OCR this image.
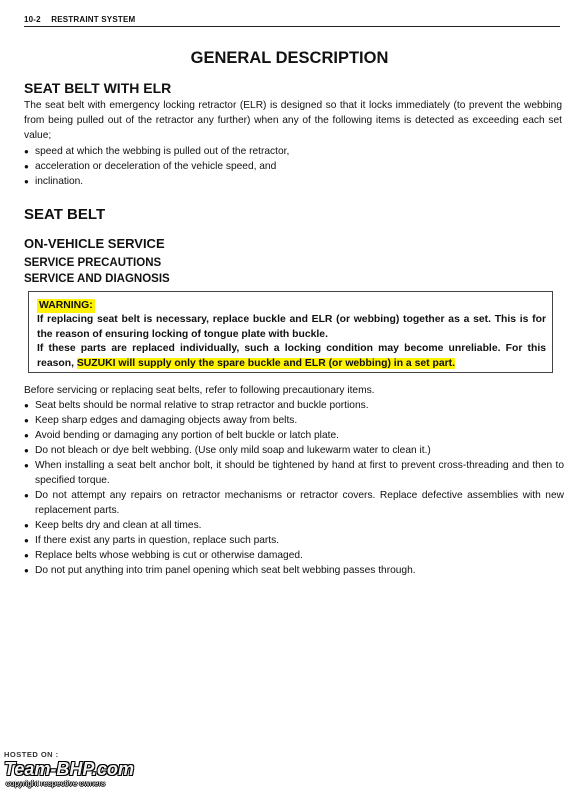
10-2 RESTRAINT SYSTEM
GENERAL DESCRIPTION
SEAT BELT WITH ELR

The seat belt with emergency locking retractor (ELR) is designed so that it locks immediately (to prevent the webbing from being pulled out of the retractor any further) when any of the following items is detected as exceeding each set value;

● speed at which the webbing is pulled out of the retractor,
● acceleration or deceleration of the vehicle speed, and
● inclination.
SEAT BELT
ON-VEHICLE SERVICE
SERVICE PRECAUTIONS
SERVICE AND DIAGNOSIS
WARNING:

If replacing seat belt is necessary, replace buckle and ELR (or webbing) together as a set. This is for the reason of ensuring locking of tongue plate with buckle.

If these parts are replaced individually, such a locking condition may become unreliable. For this reason, SUZUKI will supply only the spare buckle and ELR (or webbing) in a set part.

Before servicing or replacing seat belts, refer to following precautionary items.

● Seat belts should be normal relative to strap retractor and buckle portions.
● Keep sharp edges and damaging objects away from belts.
● Avoid bending or damaging any portion of belt buckle or latch plate.
● Do not bleach or dye belt webbing. (Use only mild soap and lukewarm water to clean it.)
● When installing a seat belt anchor bolt, it should be tightened by hand at first to prevent cross-threading and then to specified torque.
● Do not attempt any repairs on retractor mechanisms or retractor covers. Replace defective assemblies with new replacement parts.
● Keep belts dry and clean at all times.
● If there exist any parts in question, replace such parts.
● Replace belts whose webbing is cut or otherwise damaged.
● Do not put anything into trim panel opening which seat belt webbing passes through.
HOSTED ON :
Team-BHP.com
copyright respective owners
